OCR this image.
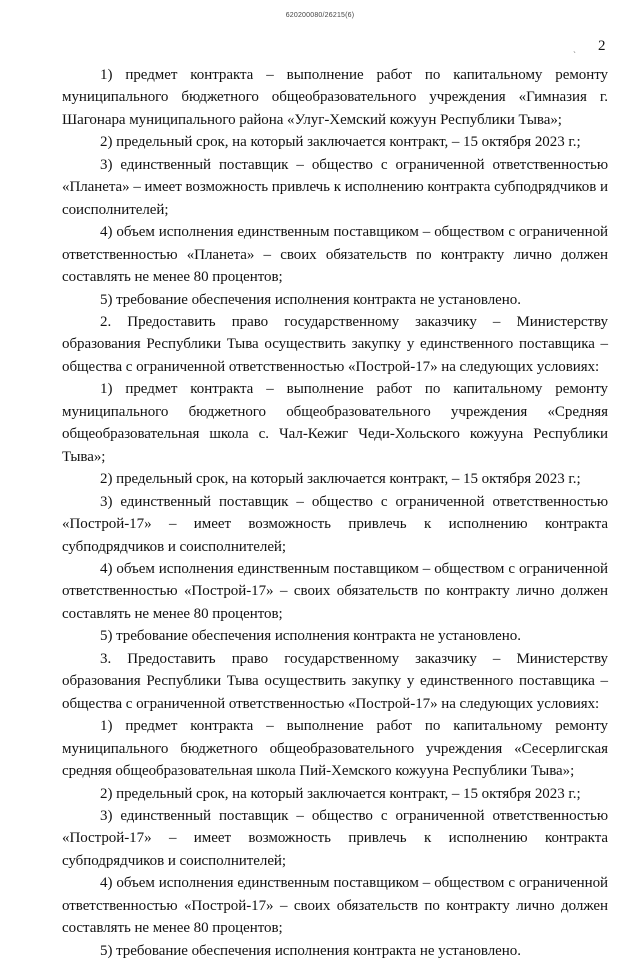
620200080/26215(6)
ˎ 2

1) предмет контракта – выполнение работ по капитальному ремонту муниципального бюджетного общеобразовательного учреждения «Гимназия г. Шагонара муниципального района «Улуг-Хемский кожуун Республики Тыва»;

2) предельный срок, на который заключается контракт, – 15 октября 2023 г.;

3) единственный поставщик – общество с ограниченной ответственностью «Планета» – имеет возможность привлечь к исполнению контракта субподрядчиков и соисполнителей;

4) объем исполнения единственным поставщиком – обществом с ограниченной ответственностью «Планета» – своих обязательств по контракту лично должен составлять не менее 80 процентов;

5) требование обеспечения исполнения контракта не установлено.

2. Предоставить право государственному заказчику – Министерству образования Республики Тыва осуществить закупку у единственного поставщика – общества с ограниченной ответственностью «Построй-17» на следующих условиях:

1) предмет контракта – выполнение работ по капитальному ремонту муниципального бюджетного общеобразовательного учреждения «Средняя общеобразовательная школа с. Чал-Кежиг Чеди-Хольского кожууна Республики Тыва»;

2) предельный срок, на который заключается контракт, – 15 октября 2023 г.;

3) единственный поставщик – общество с ограниченной ответственностью «Построй-17» – имеет возможность привлечь к исполнению контракта субподрядчиков и соисполнителей;

4) объем исполнения единственным поставщиком – обществом с ограниченной ответственностью «Построй-17» – своих обязательств по контракту лично должен составлять не менее 80 процентов;

5) требование обеспечения исполнения контракта не установлено.

3. Предоставить право государственному заказчику – Министерству образования Республики Тыва осуществить закупку у единственного поставщика – общества с ограниченной ответственностью «Построй-17» на следующих условиях:

1) предмет контракта – выполнение работ по капитальному ремонту муниципального бюджетного общеобразовательного учреждения «Сесерлигская средняя общеобразовательная школа Пий-Хемского кожууна Республики Тыва»;

2) предельный срок, на который заключается контракт, – 15 октября 2023 г.;

3) единственный поставщик – общество с ограниченной ответственностью «Построй-17» – имеет возможность привлечь к исполнению контракта субподрядчиков и соисполнителей;

4) объем исполнения единственным поставщиком – обществом с ограниченной ответственностью «Построй-17» – своих обязательств по контракту лично должен составлять не менее 80 процентов;

5) требование обеспечения исполнения контракта не установлено.
